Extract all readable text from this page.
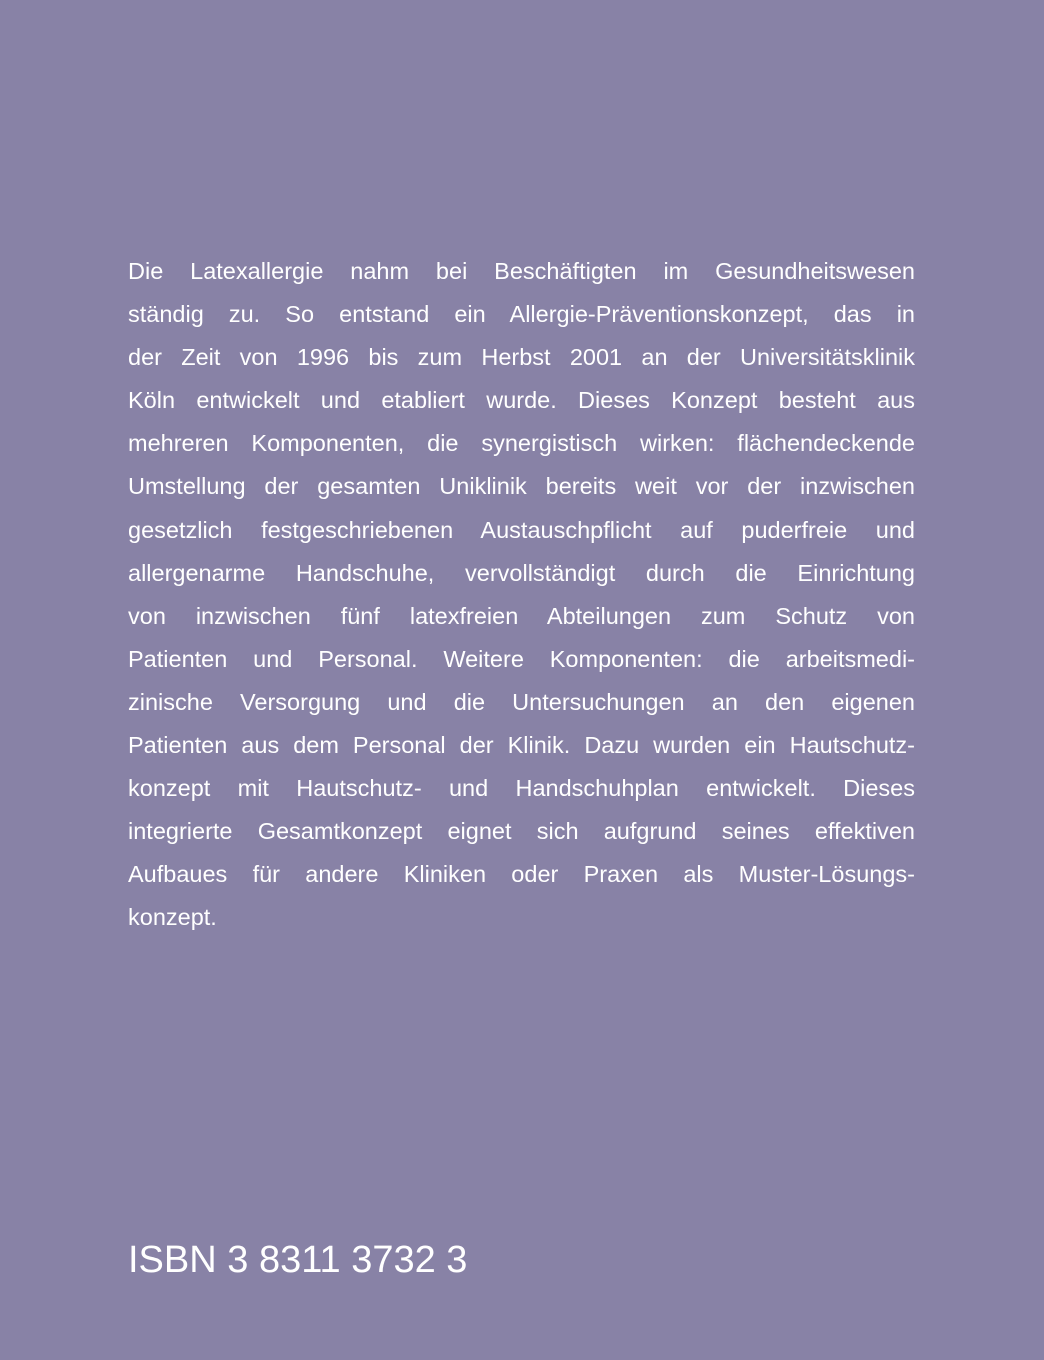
Die Latexallergie nahm bei Beschäftigten im Gesundheitswesen
ständig zu. So entstand ein Allergie-Präventionskonzept, das in
der Zeit von 1996 bis zum Herbst 2001 an der Universitätsklinik
Köln entwickelt und etabliert wurde. Dieses Konzept besteht aus
mehreren Komponenten, die synergistisch wirken: flächendeckende
Umstellung der gesamten Uniklinik bereits weit vor der inzwischen
gesetzlich festgeschriebenen Austauschpflicht auf puderfreie und
allergenarme Handschuhe, vervollständigt durch die Einrichtung
von inzwischen fünf latexfreien Abteilungen zum Schutz von
Patienten und Personal. Weitere Komponenten: die arbeitsmedi-
zinische Versorgung und die Untersuchungen an den eigenen
Patienten aus dem Personal der Klinik. Dazu wurden ein Hautschutz-
konzept mit Hautschutz- und Handschuhplan entwickelt. Dieses
integrierte Gesamtkonzept eignet sich aufgrund seines effektiven
Aufbaues für andere Kliniken oder Praxen als Muster-Lösungs-
konzept.
ISBN 3 8311 3732 3
